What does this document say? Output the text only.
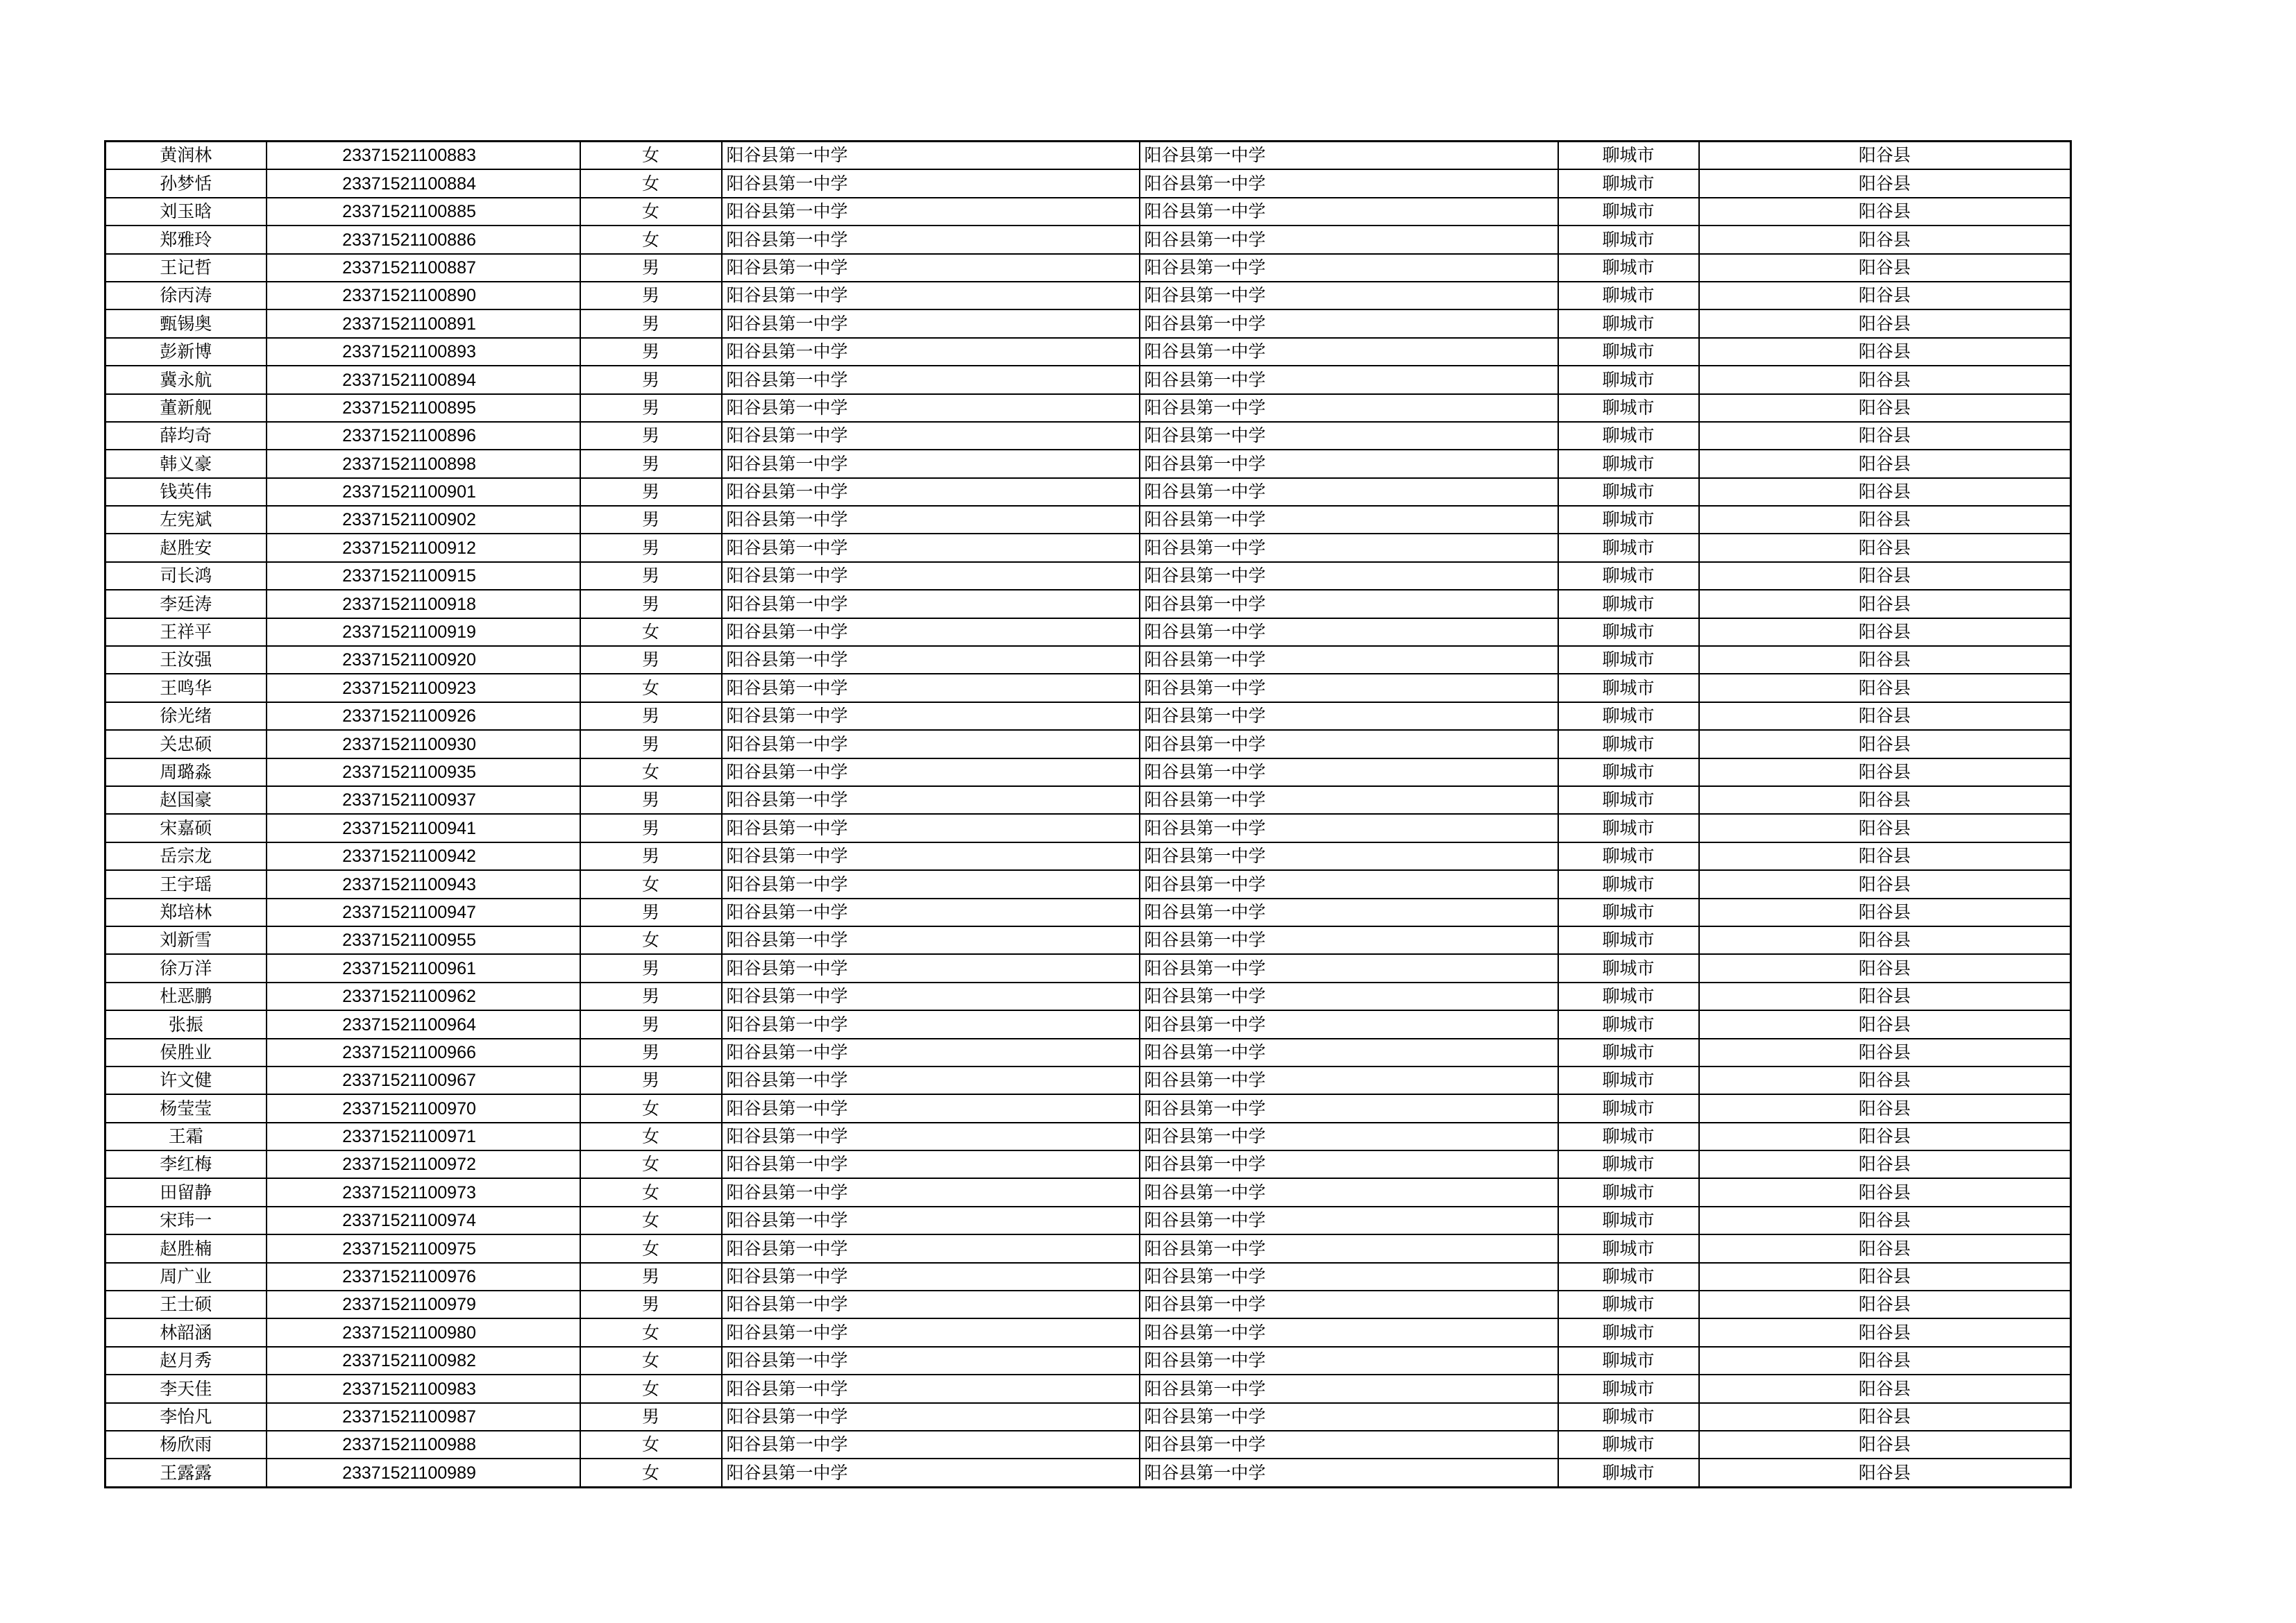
黄润林	23371521100883	女	阳谷县第一中学	阳谷县第一中学	聊城市	阳谷县
孙梦恬	23371521100884	女	阳谷县第一中学	阳谷县第一中学	聊城市	阳谷县
刘玉晗	23371521100885	女	阳谷县第一中学	阳谷县第一中学	聊城市	阳谷县
郑雅玲	23371521100886	女	阳谷县第一中学	阳谷县第一中学	聊城市	阳谷县
王记哲	23371521100887	男	阳谷县第一中学	阳谷县第一中学	聊城市	阳谷县
徐丙涛	23371521100890	男	阳谷县第一中学	阳谷县第一中学	聊城市	阳谷县
甄锡奥	23371521100891	男	阳谷县第一中学	阳谷县第一中学	聊城市	阳谷县
彭新博	23371521100893	男	阳谷县第一中学	阳谷县第一中学	聊城市	阳谷县
冀永航	23371521100894	男	阳谷县第一中学	阳谷县第一中学	聊城市	阳谷县
董新舰	23371521100895	男	阳谷县第一中学	阳谷县第一中学	聊城市	阳谷县
薛均奇	23371521100896	男	阳谷县第一中学	阳谷县第一中学	聊城市	阳谷县
韩义豪	23371521100898	男	阳谷县第一中学	阳谷县第一中学	聊城市	阳谷县
钱英伟	23371521100901	男	阳谷县第一中学	阳谷县第一中学	聊城市	阳谷县
左宪斌	23371521100902	男	阳谷县第一中学	阳谷县第一中学	聊城市	阳谷县
赵胜安	23371521100912	男	阳谷县第一中学	阳谷县第一中学	聊城市	阳谷县
司长鸿	23371521100915	男	阳谷县第一中学	阳谷县第一中学	聊城市	阳谷县
李廷涛	23371521100918	男	阳谷县第一中学	阳谷县第一中学	聊城市	阳谷县
王祥平	23371521100919	女	阳谷县第一中学	阳谷县第一中学	聊城市	阳谷县
王汝强	23371521100920	男	阳谷县第一中学	阳谷县第一中学	聊城市	阳谷县
王鸣华	23371521100923	女	阳谷县第一中学	阳谷县第一中学	聊城市	阳谷县
徐光绪	23371521100926	男	阳谷县第一中学	阳谷县第一中学	聊城市	阳谷县
关忠硕	23371521100930	男	阳谷县第一中学	阳谷县第一中学	聊城市	阳谷县
周璐淼	23371521100935	女	阳谷县第一中学	阳谷县第一中学	聊城市	阳谷县
赵国豪	23371521100937	男	阳谷县第一中学	阳谷县第一中学	聊城市	阳谷县
宋嘉硕	23371521100941	男	阳谷县第一中学	阳谷县第一中学	聊城市	阳谷县
岳宗龙	23371521100942	男	阳谷县第一中学	阳谷县第一中学	聊城市	阳谷县
王宇瑶	23371521100943	女	阳谷县第一中学	阳谷县第一中学	聊城市	阳谷县
郑培林	23371521100947	男	阳谷县第一中学	阳谷县第一中学	聊城市	阳谷县
刘新雪	23371521100955	女	阳谷县第一中学	阳谷县第一中学	聊城市	阳谷县
徐万洋	23371521100961	男	阳谷县第一中学	阳谷县第一中学	聊城市	阳谷县
杜恶鹏	23371521100962	男	阳谷县第一中学	阳谷县第一中学	聊城市	阳谷县
张振	23371521100964	男	阳谷县第一中学	阳谷县第一中学	聊城市	阳谷县
侯胜业	23371521100966	男	阳谷县第一中学	阳谷县第一中学	聊城市	阳谷县
许文健	23371521100967	男	阳谷县第一中学	阳谷县第一中学	聊城市	阳谷县
杨莹莹	23371521100970	女	阳谷县第一中学	阳谷县第一中学	聊城市	阳谷县
王霜	23371521100971	女	阳谷县第一中学	阳谷县第一中学	聊城市	阳谷县
李红梅	23371521100972	女	阳谷县第一中学	阳谷县第一中学	聊城市	阳谷县
田留静	23371521100973	女	阳谷县第一中学	阳谷县第一中学	聊城市	阳谷县
宋玮一	23371521100974	女	阳谷县第一中学	阳谷县第一中学	聊城市	阳谷县
赵胜楠	23371521100975	女	阳谷县第一中学	阳谷县第一中学	聊城市	阳谷县
周广业	23371521100976	男	阳谷县第一中学	阳谷县第一中学	聊城市	阳谷县
王士硕	23371521100979	男	阳谷县第一中学	阳谷县第一中学	聊城市	阳谷县
林韶涵	23371521100980	女	阳谷县第一中学	阳谷县第一中学	聊城市	阳谷县
赵月秀	23371521100982	女	阳谷县第一中学	阳谷县第一中学	聊城市	阳谷县
李天佳	23371521100983	女	阳谷县第一中学	阳谷县第一中学	聊城市	阳谷县
李怡凡	23371521100987	男	阳谷县第一中学	阳谷县第一中学	聊城市	阳谷县
杨欣雨	23371521100988	女	阳谷县第一中学	阳谷县第一中学	聊城市	阳谷县
王露露	23371521100989	女	阳谷县第一中学	阳谷县第一中学	聊城市	阳谷县
